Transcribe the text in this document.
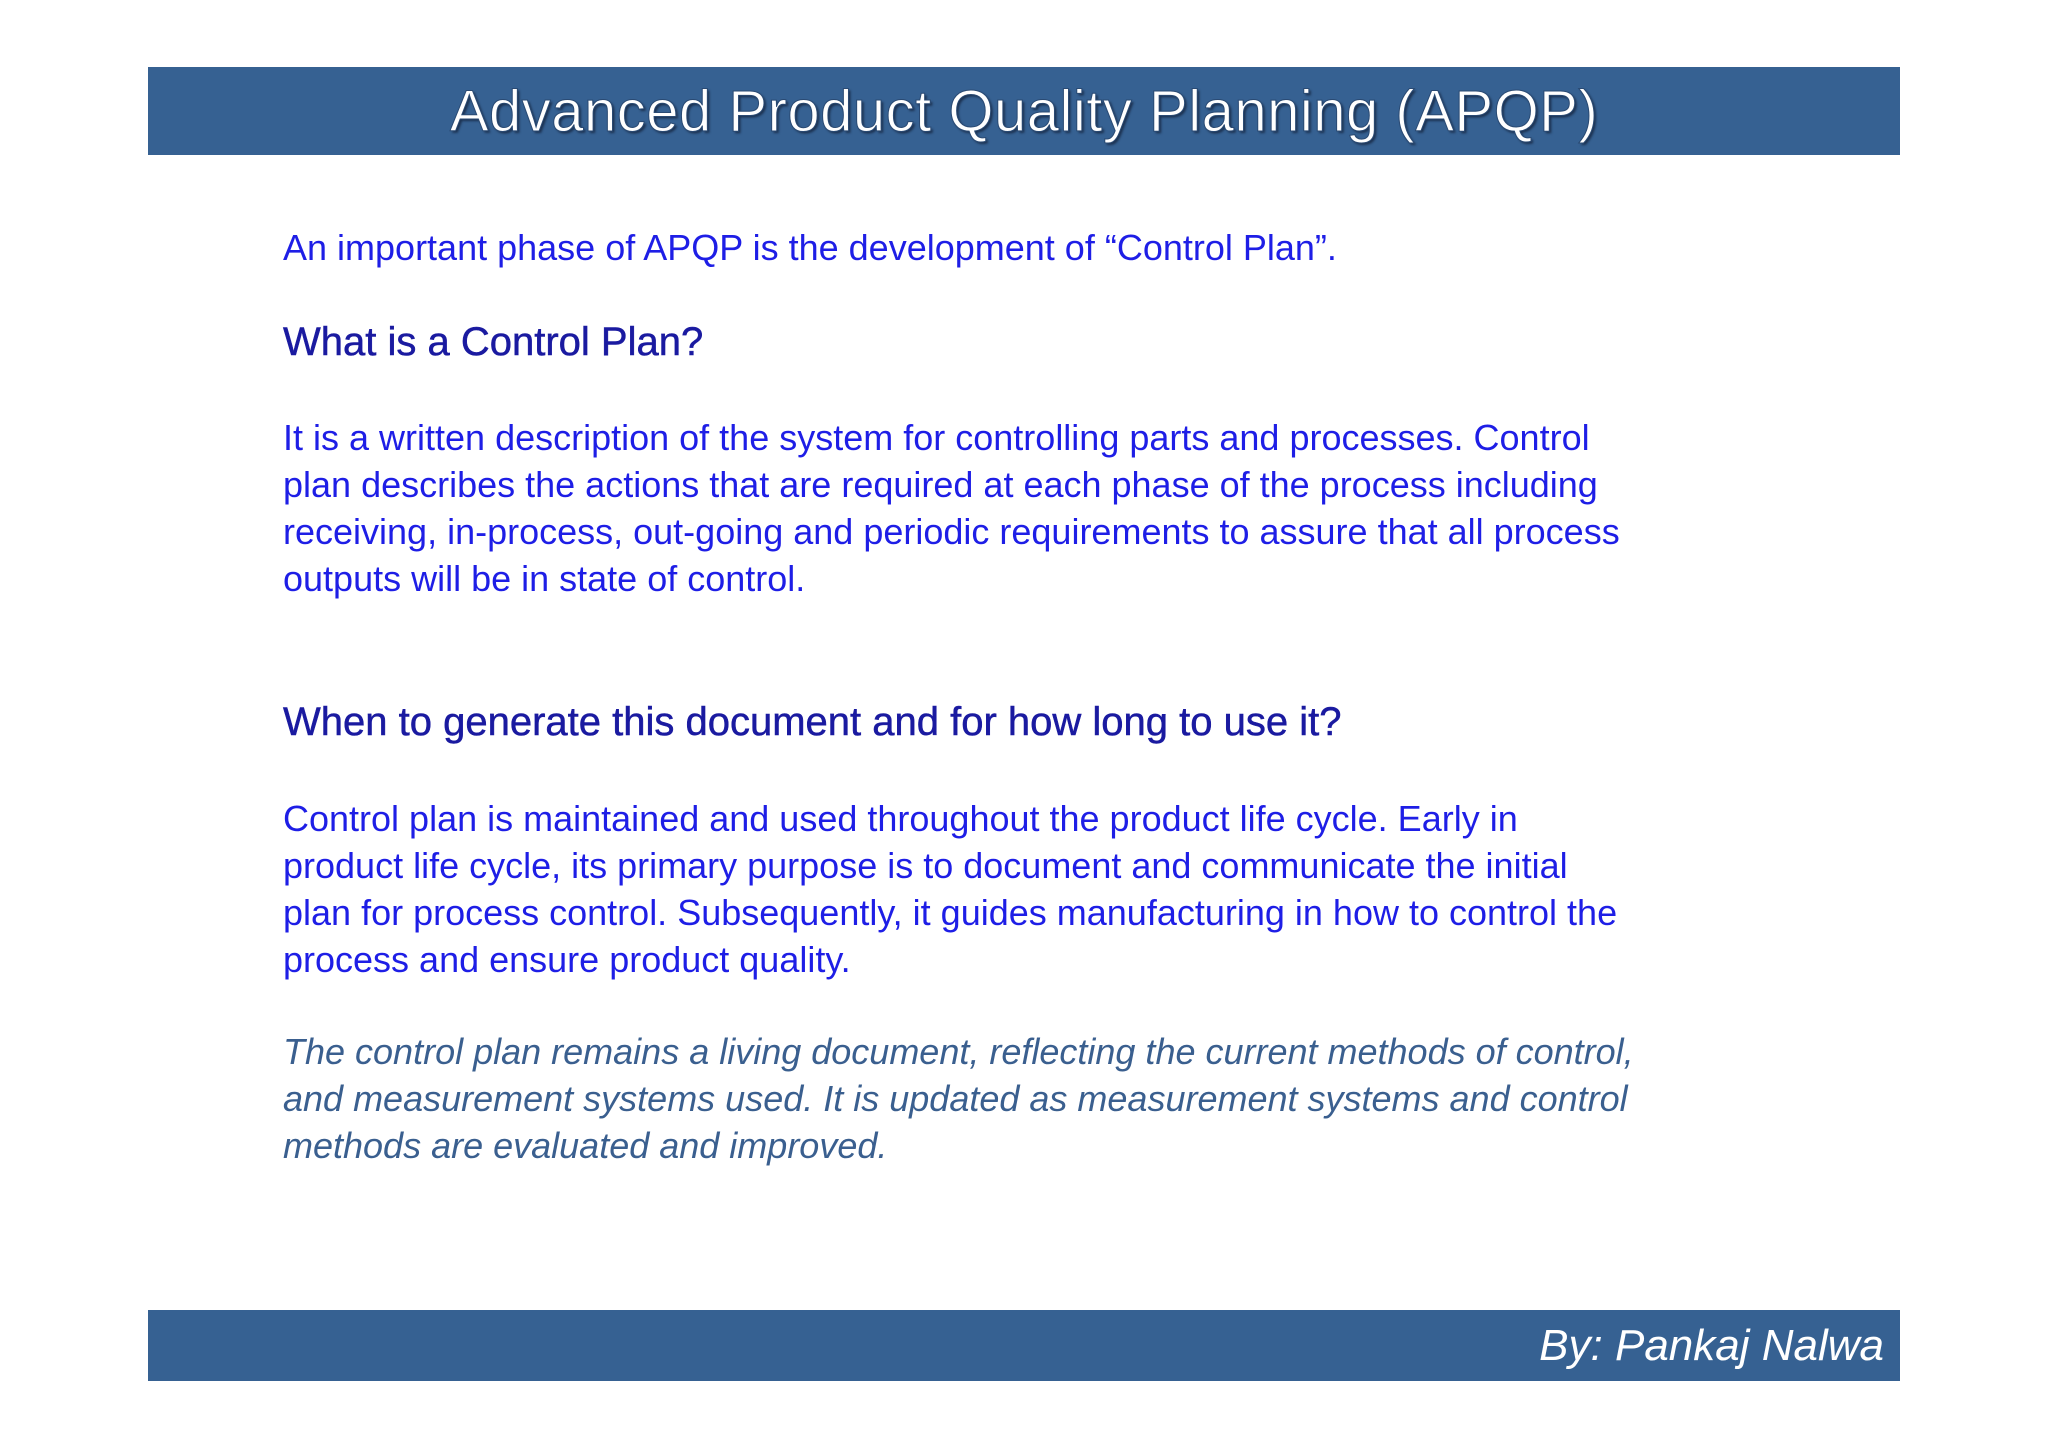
Advanced Product Quality Planning (APQP)

An important phase of APQP is the development of “Control Plan”.

What is a Control Plan?

It is a written description of the system for controlling parts and processes. Control
plan describes the actions that are required at each phase of the process including
receiving, in-process, out-going and periodic requirements to assure that all process
outputs will be in state of control.

When to generate this document and for how long to use it?

Control plan is maintained and used throughout the product life cycle. Early in
product life cycle, its primary purpose is to document and communicate the initial
plan for process control. Subsequently, it guides manufacturing in how to control the
process and ensure product quality.

The control plan remains a living document, reflecting the current methods of control,
and measurement systems used. It is updated as measurement systems and control
methods are evaluated and improved.

By: Pankaj Nalwa
